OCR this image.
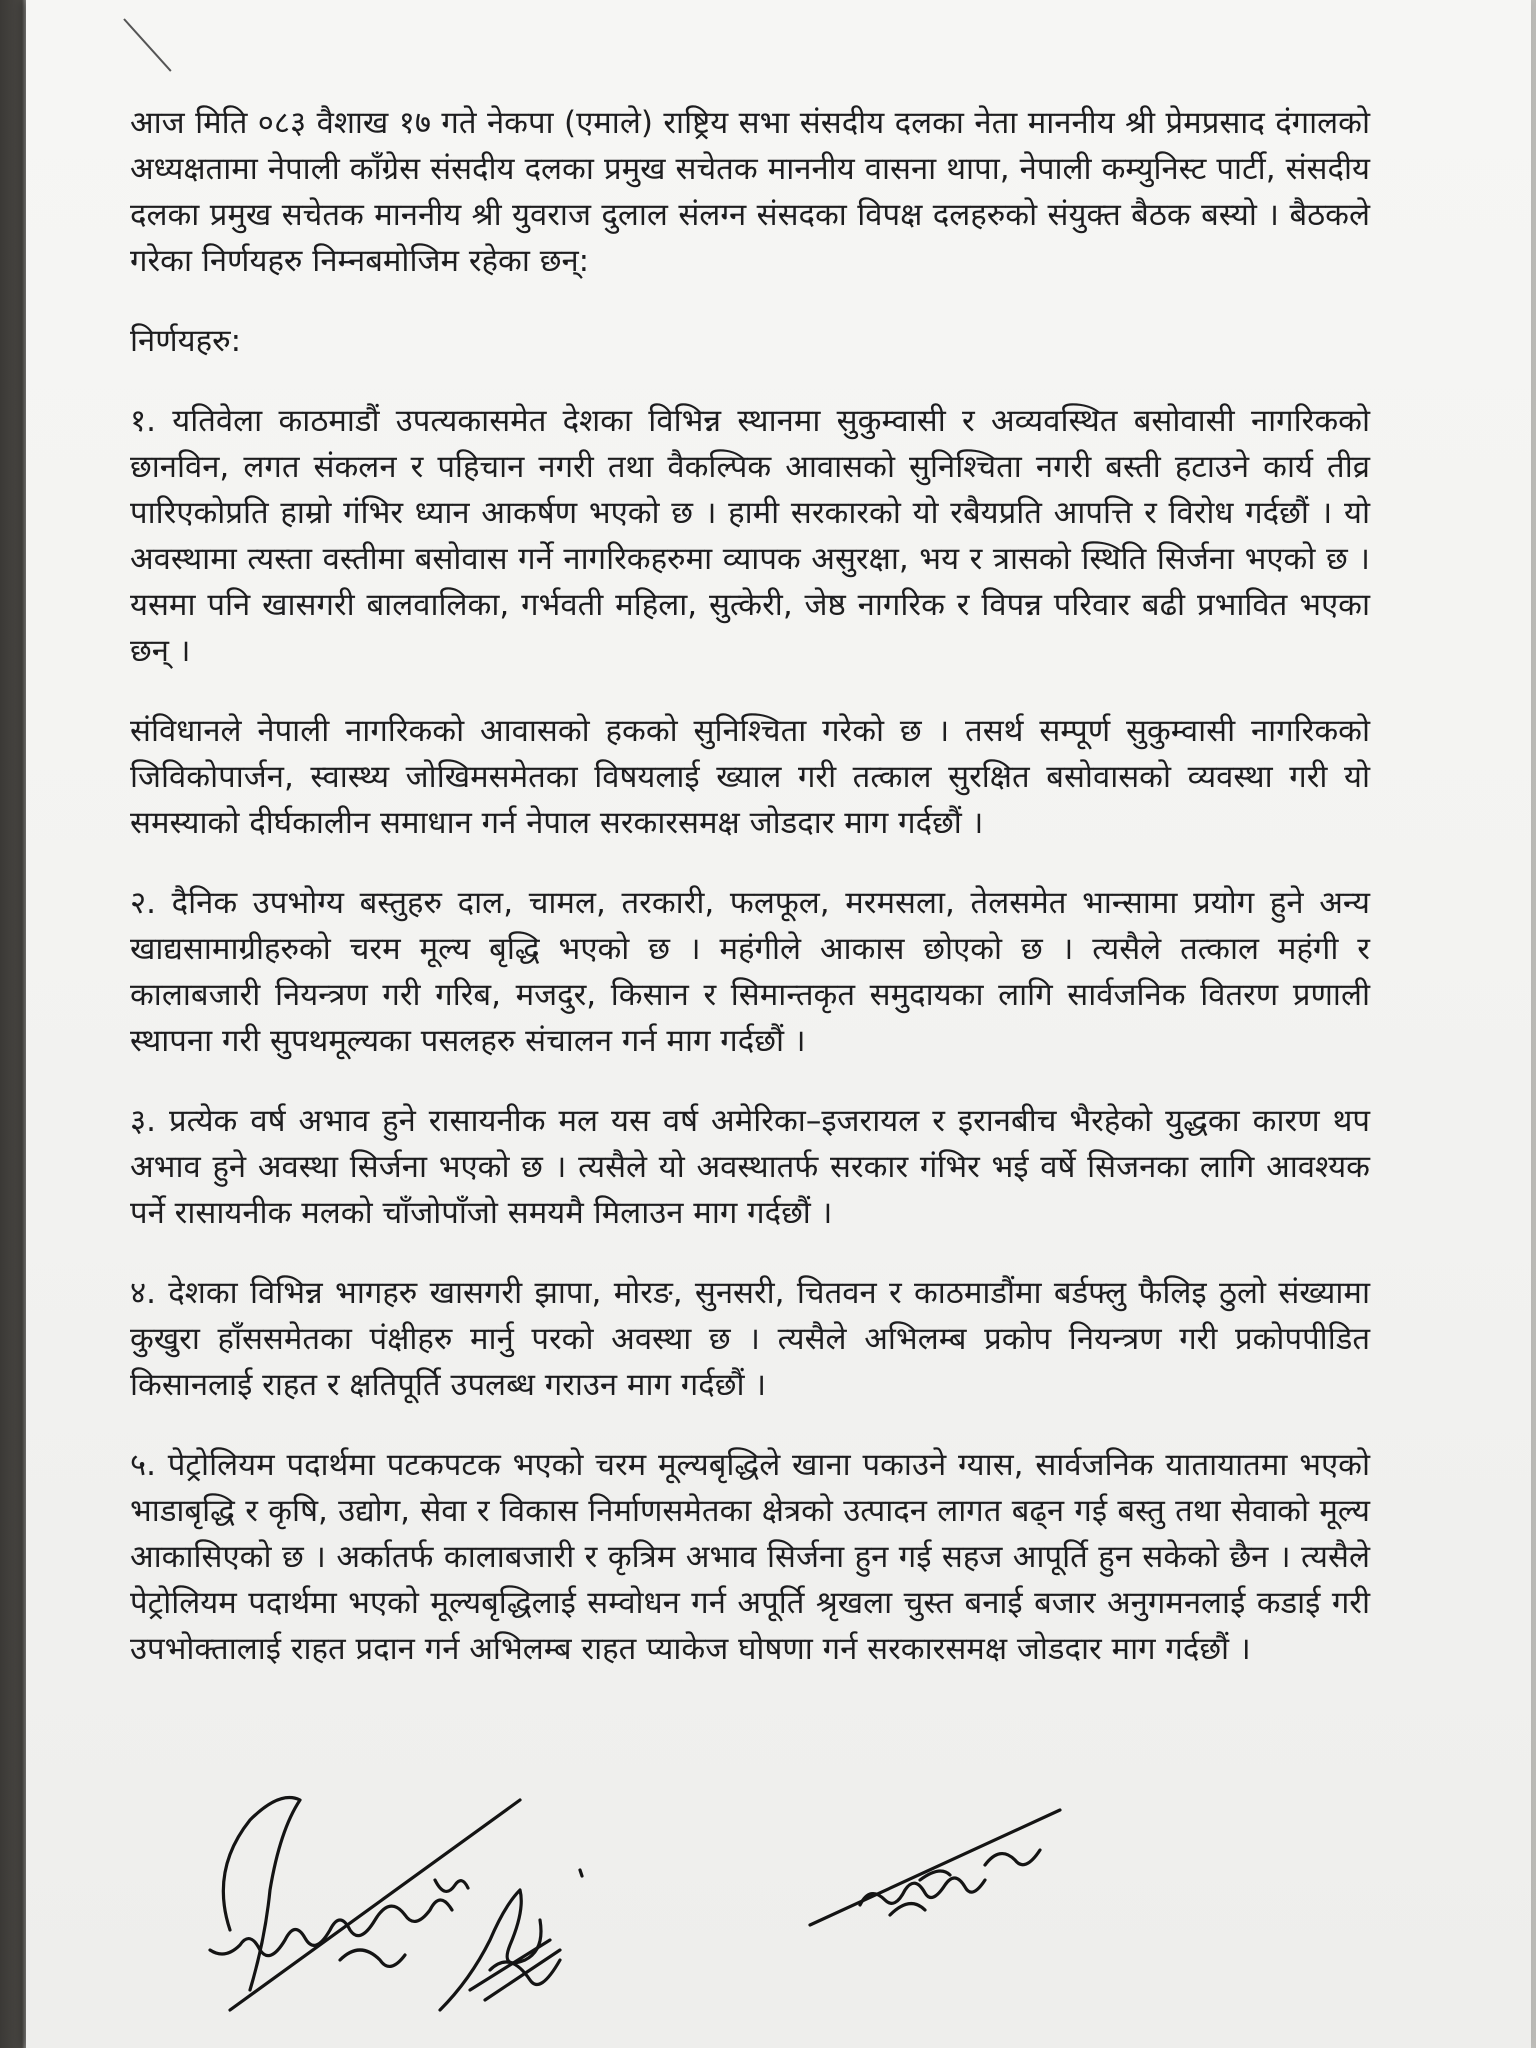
आज मिति ०८३ वैशाख १७ गते नेकपा (एमाले) राष्ट्रिय सभा संसदीय दलका नेता माननीय श्री प्रेमप्रसाद दंगालको अध्यक्षतामा नेपाली काँग्रेस संसदीय दलका प्रमुख सचेतक माननीय वासना थापा, नेपाली कम्युनिस्ट पार्टी, संसदीय दलका प्रमुख सचेतक माननीय श्री युवराज दुलाल संलग्न संसदका विपक्ष दलहरुको संयुक्त बैठक बस्यो । बैठकले गरेका निर्णयहरु निम्नबमोजिम रहेका छन्:

निर्णयहरु:

१. यतिवेला काठमाडौं उपत्यकासमेत देशका विभिन्न स्थानमा सुकुम्वासी र अव्यवस्थित बसोवासी नागरिकको छानविन, लगत संकलन र पहिचान नगरी तथा वैकल्पिक आवासको सुनिश्चिता नगरी बस्ती हटाउने कार्य तीव्र पारिएकोप्रति हाम्रो गंभिर ध्यान आकर्षण भएको छ । हामी सरकारको यो रबैयप्रति आपत्ति र विरोध गर्दछौं । यो अवस्थामा त्यस्ता वस्तीमा बसोवास गर्ने नागरिकहरुमा व्यापक असुरक्षा, भय र त्रासको स्थिति सिर्जना भएको छ । यसमा पनि खासगरी बालवालिका, गर्भवती महिला, सुत्केरी, जेष्ठ नागरिक र विपन्न परिवार बढी प्रभावित भएका छन् ।

संविधानले नेपाली नागरिकको आवासको हकको सुनिश्चिता गरेको छ । तसर्थ सम्पूर्ण सुकुम्वासी नागरिकको जिविकोपार्जन, स्वास्थ्य जोखिमसमेतका विषयलाई ख्याल गरी तत्काल सुरक्षित बसोवासको व्यवस्था गरी यो समस्याको दीर्घकालीन समाधान गर्न नेपाल सरकारसमक्ष जोडदार माग गर्दछौं ।

२. दैनिक उपभोग्य बस्तुहरु दाल, चामल, तरकारी, फलफूल, मरमसला, तेलसमेत भान्सामा प्रयोग हुने अन्य खाद्यसामाग्रीहरुको चरम मूल्य बृद्धि भएको छ । महंगीले आकास छोएको छ । त्यसैले तत्काल महंगी र कालाबजारी नियन्त्रण गरी गरिब, मजदुर, किसान र सिमान्तकृत समुदायका लागि सार्वजनिक वितरण प्रणाली स्थापना गरी सुपथमूल्यका पसलहरु संचालन गर्न माग गर्दछौं ।

३. प्रत्येक वर्ष अभाव हुने रासायनीक मल यस वर्ष अमेरिका–इजरायल र इरानबीच भैरहेको युद्धका कारण थप अभाव हुने अवस्था सिर्जना भएको छ । त्यसैले यो अवस्थातर्फ सरकार गंभिर भई वर्षे सिजनका लागि आवश्यक पर्ने रासायनीक मलको चाँजोपाँजो समयमै मिलाउन माग गर्दछौं ।

४. देशका विभिन्न भागहरु खासगरी झापा, मोरङ, सुनसरी, चितवन र काठमाडौंमा बर्डफ्लु फैलिइ ठुलो संख्यामा कुखुरा हाँससमेतका पंक्षीहरु मार्नु परको अवस्था छ । त्यसैले अभिलम्ब प्रकोप नियन्त्रण गरी प्रकोपपीडित किसानलाई राहत र क्षतिपूर्ति उपलब्ध गराउन माग गर्दछौं ।

५. पेट्रोलियम पदार्थमा पटकपटक भएको चरम मूल्यबृद्धिले खाना पकाउने ग्यास, सार्वजनिक यातायातमा भएको भाडाबृद्धि र कृषि, उद्योग, सेवा र विकास निर्माणसमेतका क्षेत्रको उत्पादन लागत बढ्न गई बस्तु तथा सेवाको मूल्य आकासिएको छ । अर्कातर्फ कालाबजारी र कृत्रिम अभाव सिर्जना हुन गई सहज आपूर्ति हुन सकेको छैन । त्यसैले पेट्रोलियम पदार्थमा भएको मूल्यबृद्धिलाई सम्वोधन गर्न अपूर्ति श्रृखला चुस्त बनाई बजार अनुगमनलाई कडाई गरी उपभोक्तालाई राहत प्रदान गर्न अभिलम्ब राहत प्याकेज घोषणा गर्न सरकारसमक्ष जोडदार माग गर्दछौं ।
